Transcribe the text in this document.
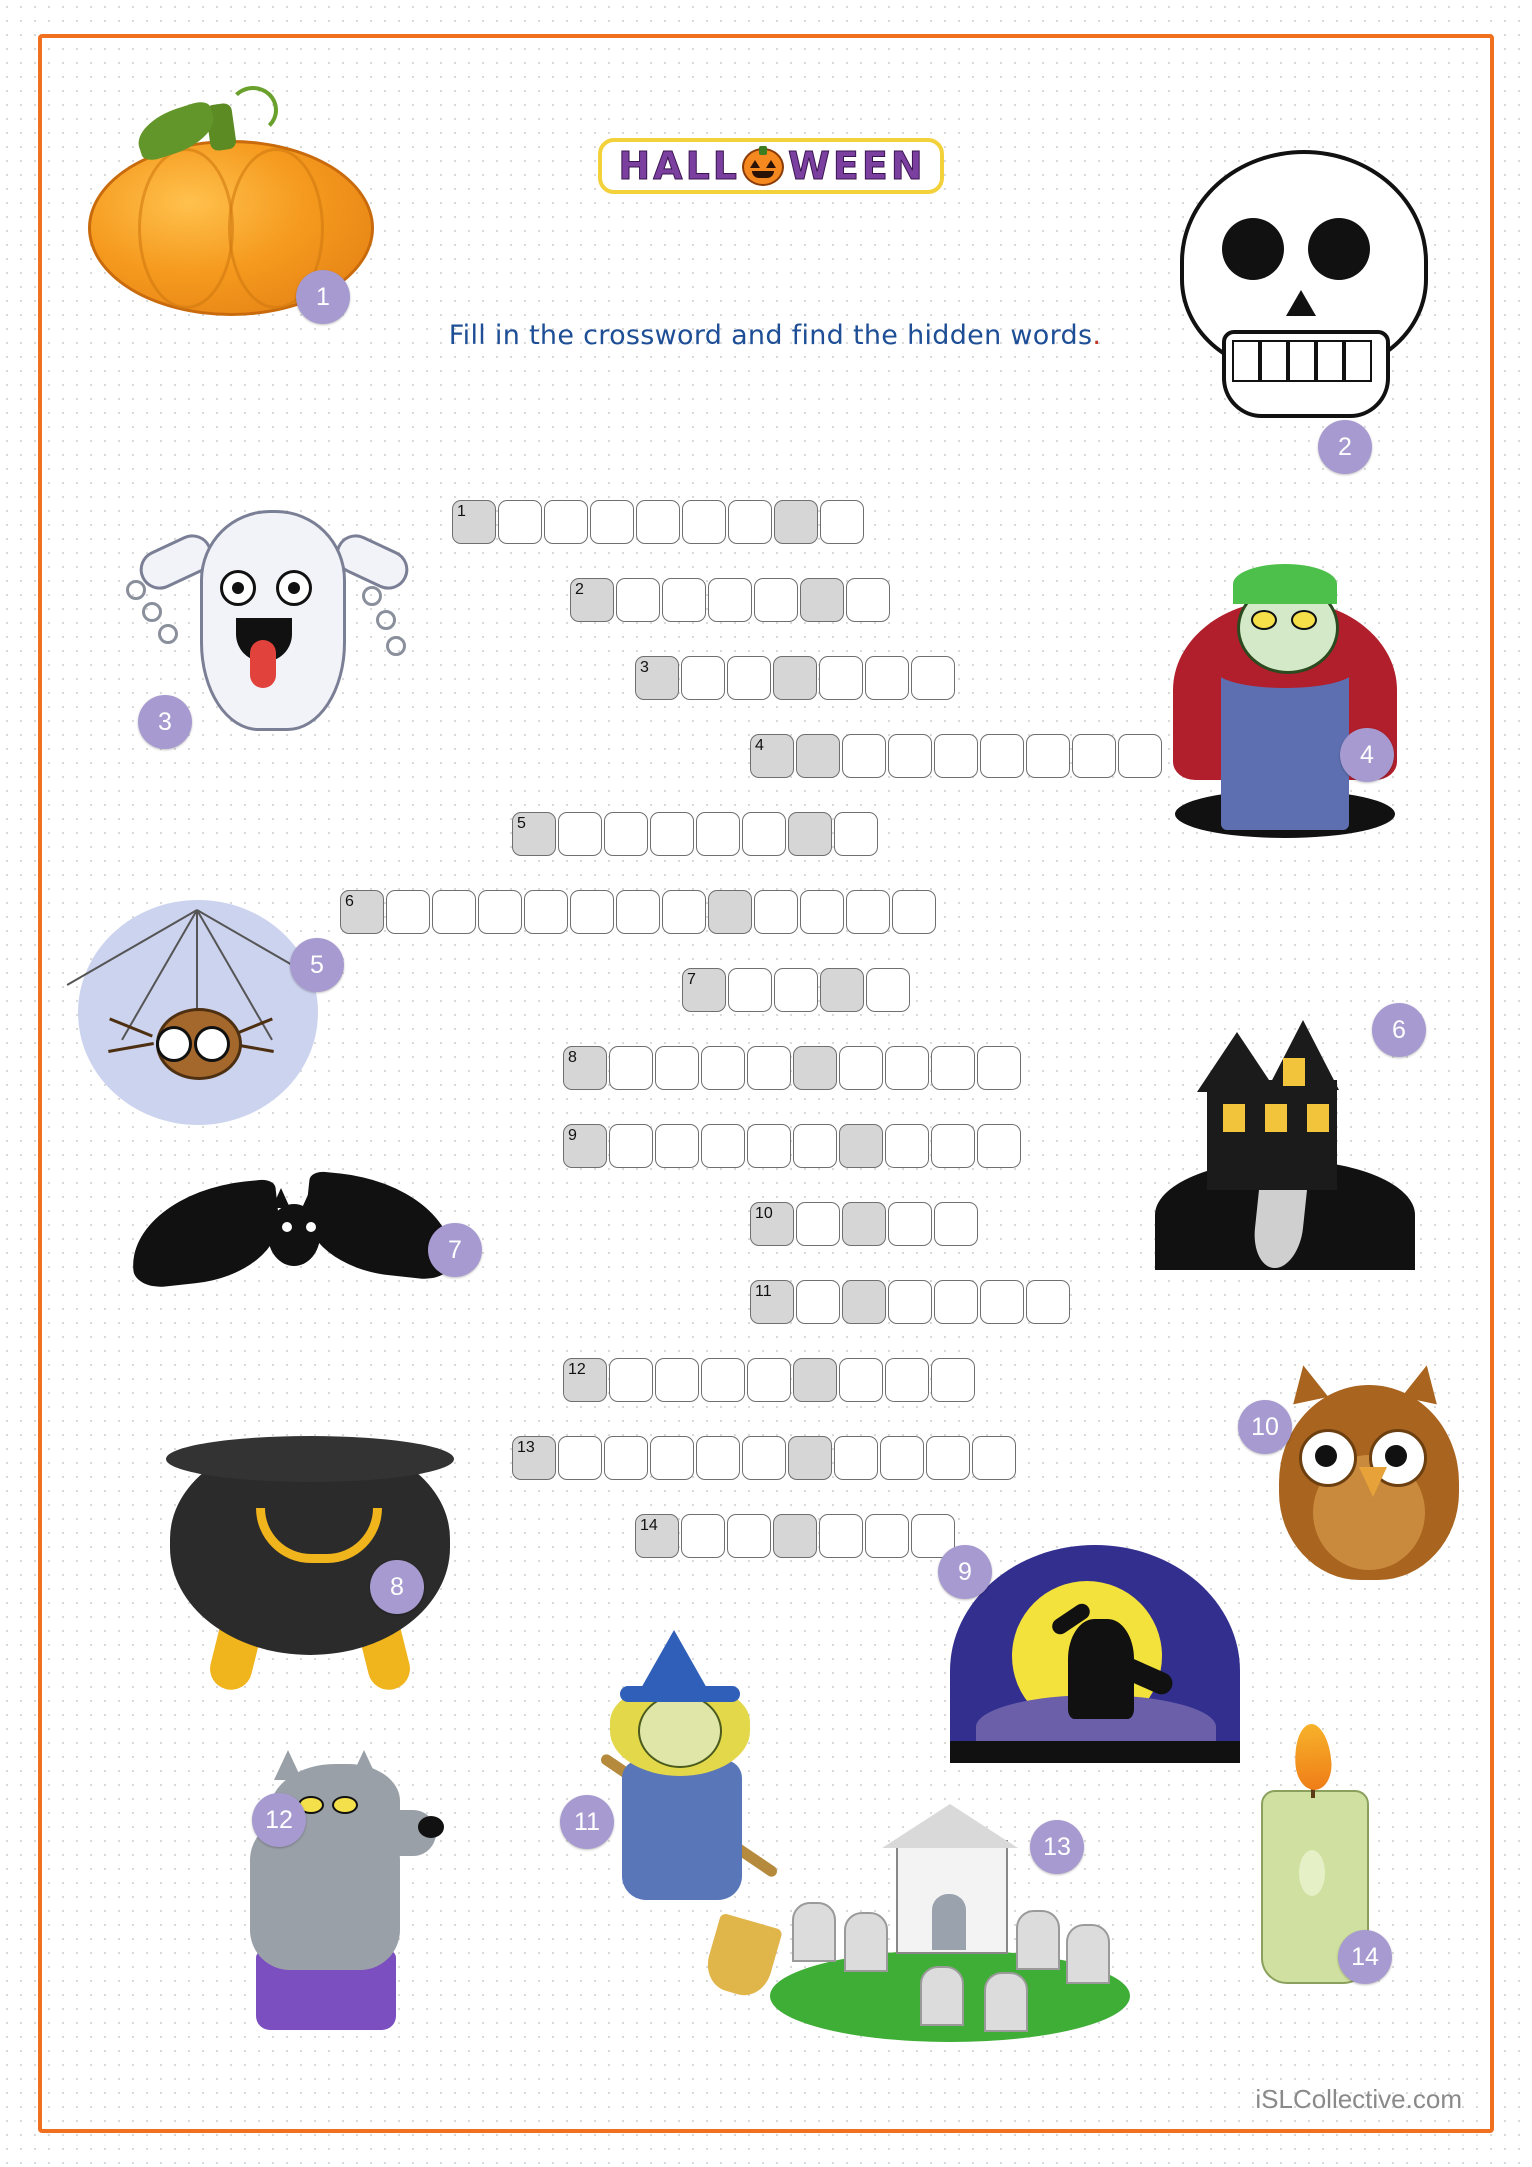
H A L L W E E N
Fill in the crossword and find the hidden words.
1
2
3
4
5
6
7
8
9
10
11
12
13
14
1
2
3
4
5
6
7
8
9
10
11
12
13
14
iSLCollective.com
